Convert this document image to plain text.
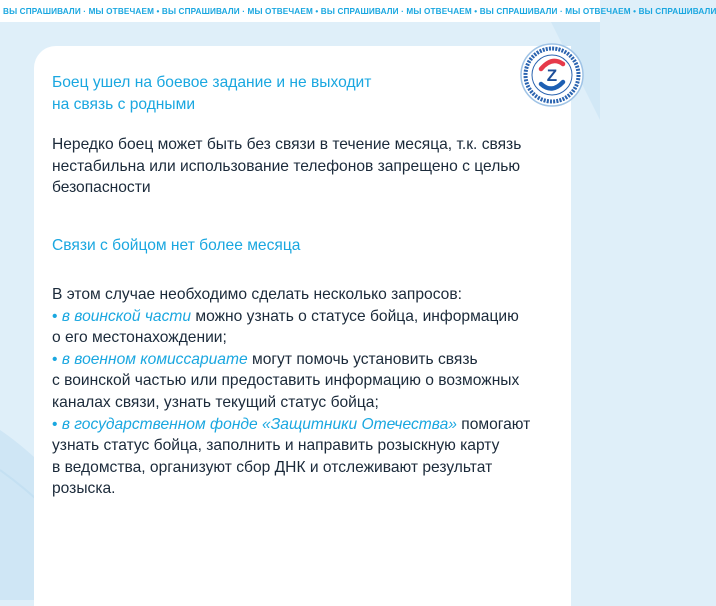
ВЫ СПРАШИВАЛИ · МЫ ОТВЕЧАЕМ • ВЫ СПРАШИВАЛИ · МЫ ОТВЕЧАЕМ • ВЫ СПРАШИВАЛИ · МЫ ОТВЕЧАЕМ • ВЫ СПРАШИВАЛИ · МЫ ОТВЕЧАЕМ • ВЫ СПРАШИВАЛИ
Z
Боец ушел на боевое задание и не выходит
на связь с родными
Нередко боец может быть без связи в течение месяца, т.к. связь
нестабильна или использование телефонов запрещено с целью
безопасности
Связи с бойцом нет более месяца
В этом случае необходимо сделать несколько запросов:
• в воинской части можно узнать о статусе бойца, информацию
о его местонахождении;
• в военном комиссариате могут помочь установить связь
с воинской частью или предоставить информацию о возможных
каналах связи, узнать текущий статус бойца;
• в государственном фонде «Защитники Отечества» помогают
узнать статус бойца, заполнить и направить розыскную карту
в ведомства, организуют сбор ДНК и отслеживают результат
розыска.
